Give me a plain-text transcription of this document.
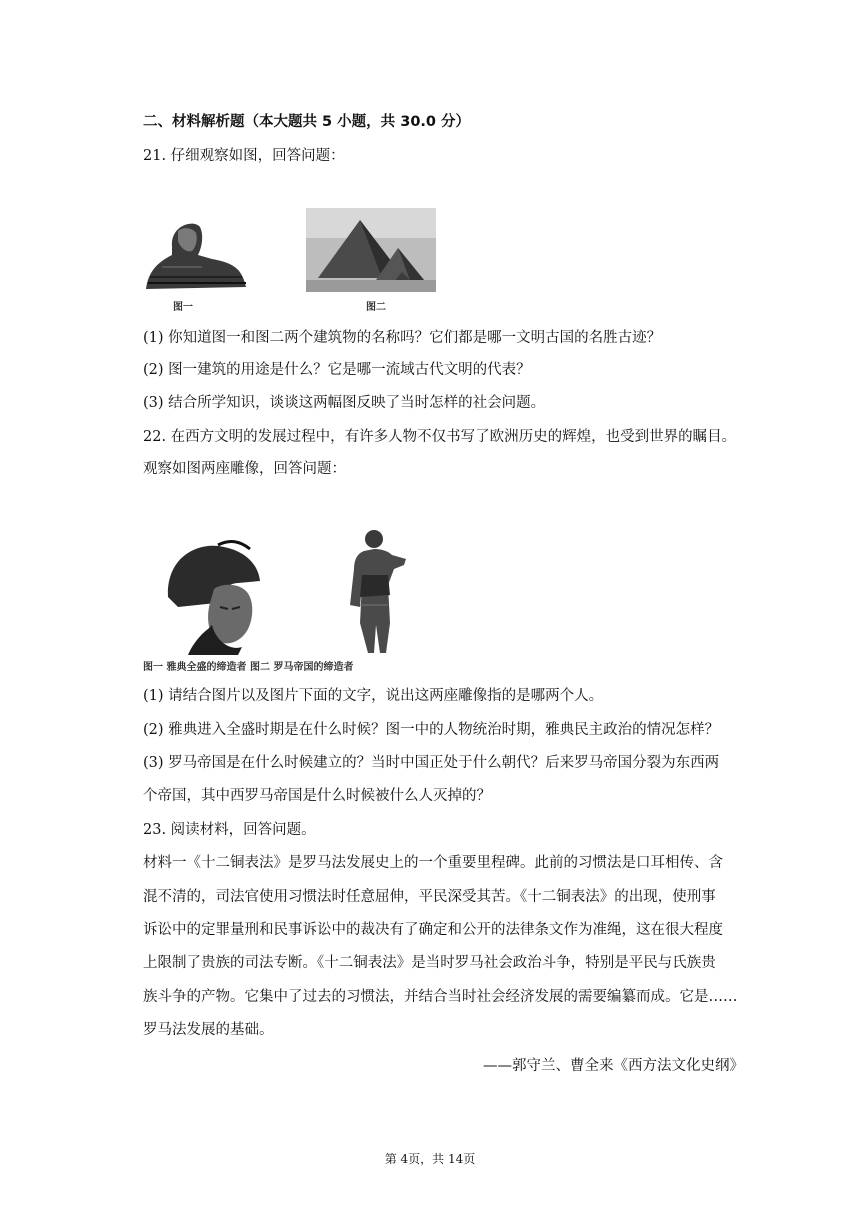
二、材料解析题（本大题共 5 小题，共 30.0 分）
21. 仔细观察如图，回答问题：
图一	图二
(1) 你知道图一和图二两个建筑物的名称吗？它们都是哪一文明古国的名胜古迹？
(2) 图一建筑的用途是什么？它是哪一流域古代文明的代表？
(3) 结合所学知识，谈谈这两幅图反映了当时怎样的社会问题。
22. 在西方文明的发展过程中，有许多人物不仅书写了欧洲历史的辉煌，也受到世界的瞩目。
观察如图两座雕像，回答问题：
图一 雅典全盛的缔造者 图二 罗马帝国的缔造者
(1) 请结合图片以及图片下面的文字，说出这两座雕像指的是哪两个人。
(2) 雅典进入全盛时期是在什么时候？图一中的人物统治时期，雅典民主政治的情况怎样？
(3) 罗马帝国是在什么时候建立的？当时中国正处于什么朝代？后来罗马帝国分裂为东西两
个帝国，其中西罗马帝国是什么时候被什么人灭掉的？
23. 阅读材料，回答问题。
材料一《十二铜表法》是罗马法发展史上的一个重要里程碑。此前的习惯法是口耳相传、含
混不清的，司法官使用习惯法时任意屈伸，平民深受其苦。《十二铜表法》的出现，使刑事
诉讼中的定罪量刑和民事诉讼中的裁决有了确定和公开的法律条文作为准绳，这在很大程度
上限制了贵族的司法专断。《十二铜表法》是当时罗马社会政治斗争，特别是平民与氏族贵
族斗争的产物。它集中了过去的习惯法，并结合当时社会经济发展的需要编纂而成。它是……
罗马法发展的基础。
——郭守兰、曹全来《西方法文化史纲》
第 4页，共 14页
